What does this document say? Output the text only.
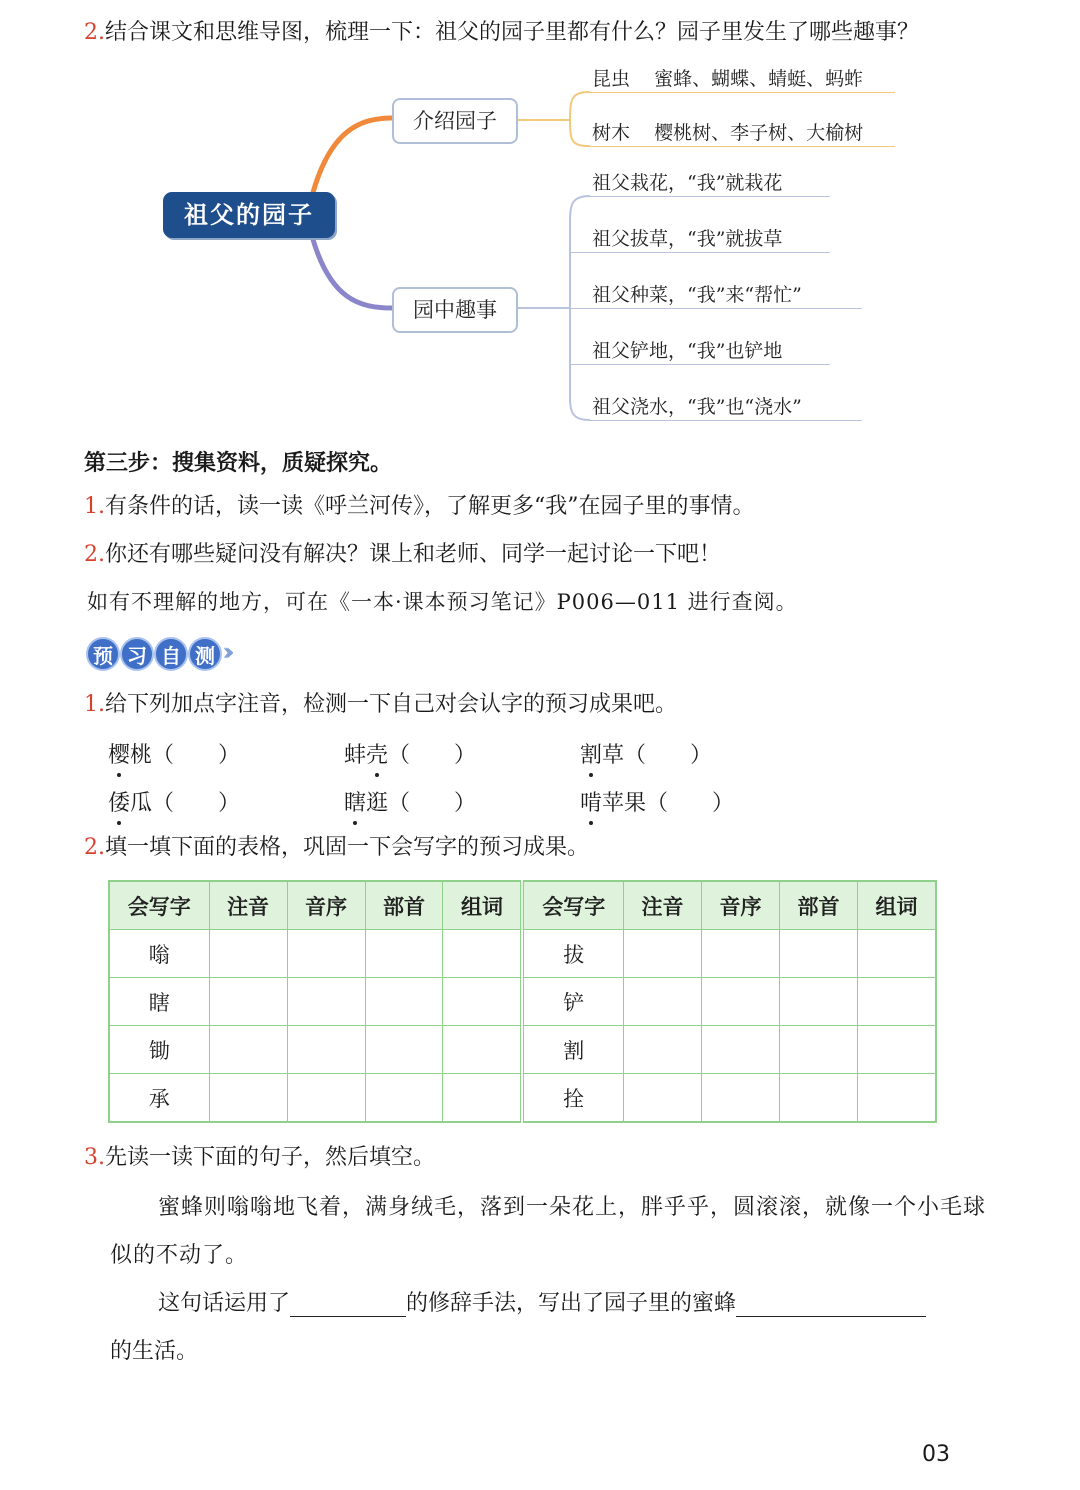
2.结合课文和思维导图，梳理一下：祖父的园子里都有什么？园子里发生了哪些趣事？
祖父的园子
介绍园子
园中趣事
昆虫 蜜蜂、蝴蝶、蜻蜓、蚂蚱
树木 樱桃树、李子树、大榆树
祖父栽花，“我”就栽花
祖父拔草，“我”就拔草
祖父种菜，“我”来“帮忙”
祖父铲地，“我”也铲地
祖父浇水，“我”也“浇水”
第三步：搜集资料，质疑探究。
1.有条件的话，读一读《呼兰河传》，了解更多“我”在园子里的事情。
2.你还有哪些疑问没有解决？课上和老师、同学一起讨论一下吧！
如有不理解的地方，可在《一本·课本预习笔记》P006—011 进行查阅。
预 习 自 测 ›››
1.给下列加点字注音，检测一下自己对会认字的预习成果吧。
樱桃（　　）	蚌壳（　　）	割草（　　）
倭瓜（　　）	瞎逛（　　）	啃苹果（　　）
2.填一填下面的表格，巩固一下会写字的预习成果。
会写字	注音	音序	部首	组词	会写字	注音	音序	部首	组词
嗡					拔				
瞎					铲				
锄					割				
承					拴				
3.先读一读下面的句子，然后填空。
蜜蜂则嗡嗡地飞着，满身绒毛，落到一朵花上，胖乎乎，圆滚滚，就像一个小毛球
似的不动了。
这句话运用了	的修辞手法，写出了园子里的蜜蜂
的生活。
03
